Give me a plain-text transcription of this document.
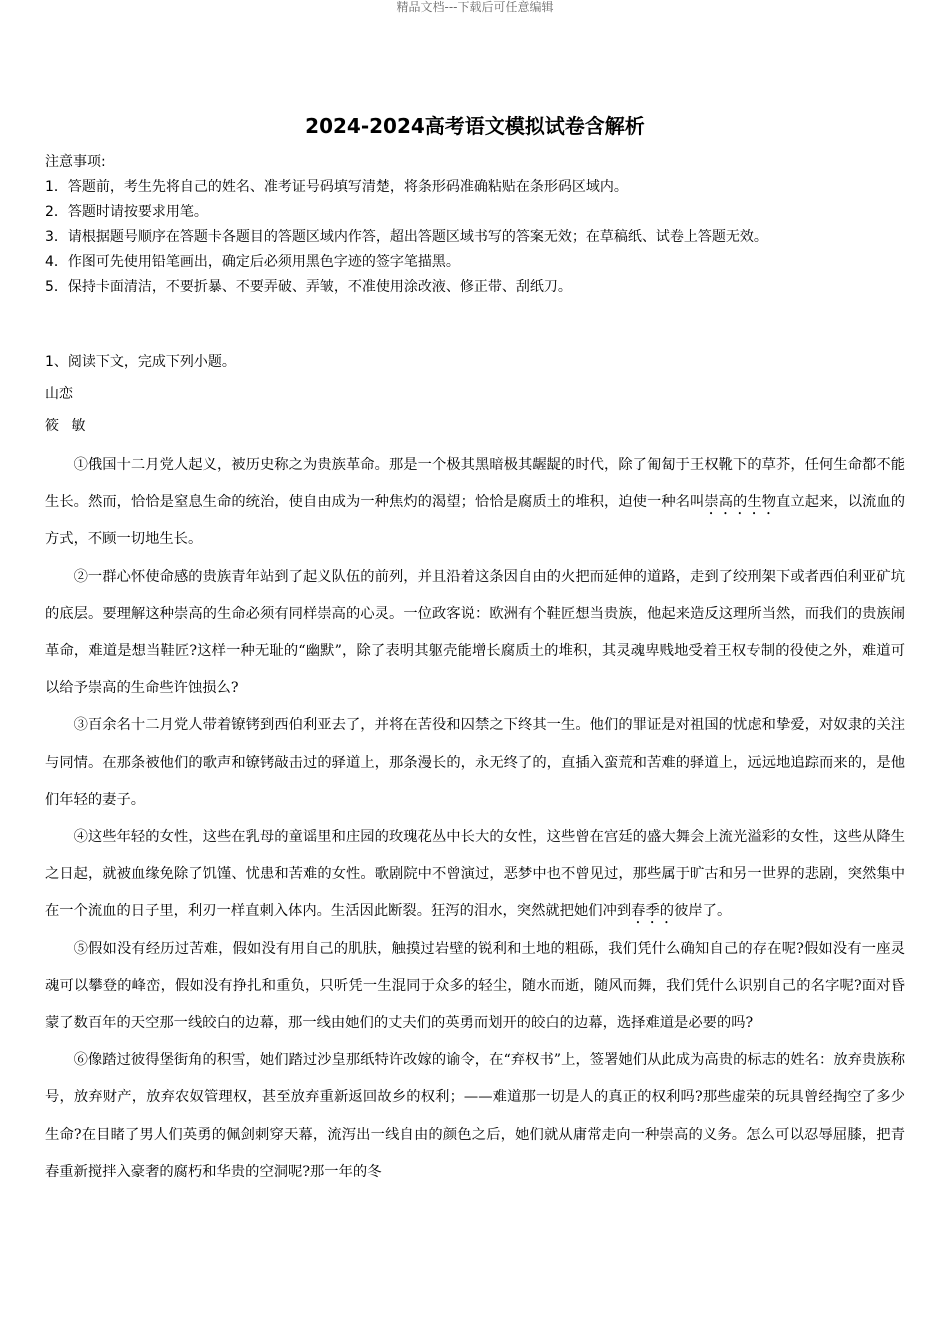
精品文档---下载后可任意编辑
2024-2024高考语文模拟试卷含解析
注意事项:
1．答题前，考生先将自己的姓名、准考证号码填写清楚，将条形码准确粘贴在条形码区域内。
2．答题时请按要求用笔。
3．请根据题号顺序在答题卡各题目的答题区域内作答，超出答题区域书写的答案无效；在草稿纸、试卷上答题无效。
4．作图可先使用铅笔画出，确定后必须用黑色字迹的签字笔描黑。
5．保持卡面清洁，不要折暴、不要弄破、弄皱，不准使用涂改液、修正带、刮纸刀。
1、阅读下文，完成下列小题。
山恋
筱 敏

①俄国十二月党人起义，被历史称之为贵族革命。那是一个极其黑暗极其龌龊的时代，除了匍匐于王权靴下的草芥，任何生命都不能生长。然而，恰恰是窒息生命的统治，使自由成为一种焦灼的渴望；恰恰是腐质土的堆积，迫使一种名叫崇高的生物直立起来，以流血的方式，不顾一切地生长。

②一群心怀使命感的贵族青年站到了起义队伍的前列，并且沿着这条因自由的火把而延伸的道路，走到了绞刑架下或者西伯利亚矿坑的底层。要理解这种崇高的生命必须有同样崇高的心灵。一位政客说：欧洲有个鞋匠想当贵族，他起来造反这理所当然，而我们的贵族闹革命，难道是想当鞋匠?这样一种无耻的“幽默”，除了表明其躯壳能增长腐质土的堆积，其灵魂卑贱地受着王权专制的役使之外，难道可以给予崇高的生命些许蚀损么?

③百余名十二月党人带着镣铐到西伯利亚去了，并将在苦役和囚禁之下终其一生。他们的罪证是对祖国的忧虑和挚爱，对奴隶的关注与同情。在那条被他们的歌声和镣铐敲击过的驿道上，那条漫长的，永无终了的，直插入蛮荒和苦难的驿道上，远远地追踪而来的，是他们年轻的妻子。

④这些年轻的女性，这些在乳母的童谣里和庄园的玫瑰花丛中长大的女性，这些曾在宫廷的盛大舞会上流光溢彩的女性，这些从降生之日起，就被血缘免除了饥馑、忧患和苦难的女性。歌剧院中不曾演过，恶梦中也不曾见过，那些属于旷古和另一世界的悲剧，突然集中在一个流血的日子里，利刃一样直刺入体内。生活因此断裂。狂泻的泪水，突然就把她们冲到春季的彼岸了。

⑤假如没有经历过苦难，假如没有用自己的肌肤，触摸过岩壁的锐利和土地的粗砾，我们凭什么确知自己的存在呢?假如没有一座灵魂可以攀登的峰峦，假如没有挣扎和重负，只听凭一生混同于众多的轻尘，随水而逝，随风而舞，我们凭什么识别自己的名字呢?面对昏蒙了数百年的天空那一线皎白的边幕，那一线由她们的丈夫们的英勇而划开的皎白的边幕，选择难道是必要的吗?

⑥像踏过彼得堡街角的积雪，她们踏过沙皇那纸特许改嫁的谕令，在“弃权书”上，签署她们从此成为高贵的标志的姓名：放弃贵族称号，放弃财产，放弃农奴管理权，甚至放弃重新返回故乡的权利；——难道那一切是人的真正的权利吗?那些虚荣的玩具曾经掏空了多少生命?在目睹了男人们英勇的佩剑刺穿天幕，流泻出一线自由的颜色之后，她们就从庸常走向一种崇高的义务。怎么可以忍辱屈膝，把青春重新搅拌入豪奢的腐朽和华贵的空洞呢?那一年的冬
